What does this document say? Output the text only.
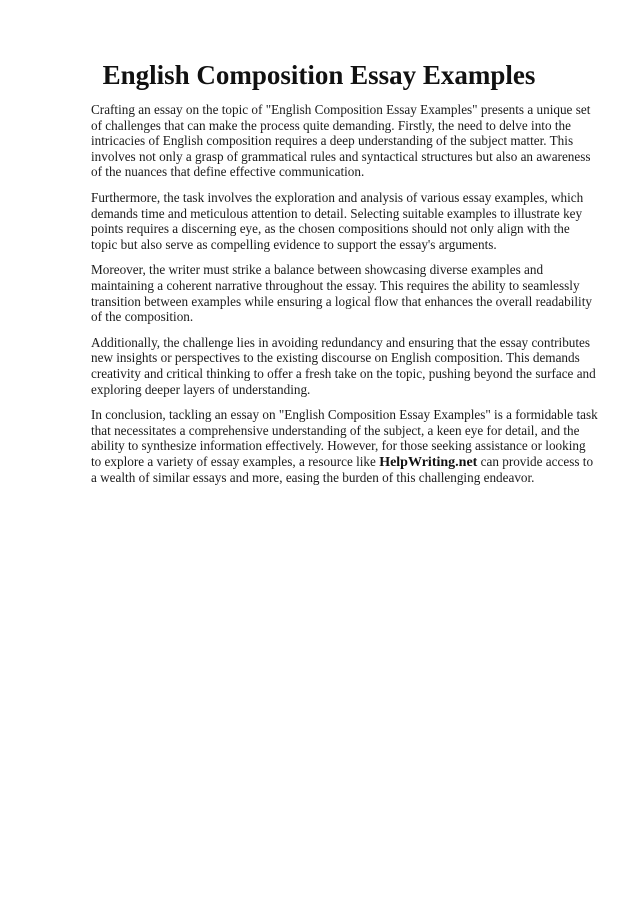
English Composition Essay Examples

Crafting an essay on the topic of "English Composition Essay Examples" presents a unique set of challenges that can make the process quite demanding. Firstly, the need to delve into the intricacies of English composition requires a deep understanding of the subject matter. This involves not only a grasp of grammatical rules and syntactical structures but also an awareness of the nuances that define effective communication.

Furthermore, the task involves the exploration and analysis of various essay examples, which demands time and meticulous attention to detail. Selecting suitable examples to illustrate key points requires a discerning eye, as the chosen compositions should not only align with the topic but also serve as compelling evidence to support the essay's arguments.

Moreover, the writer must strike a balance between showcasing diverse examples and maintaining a coherent narrative throughout the essay. This requires the ability to seamlessly transition between examples while ensuring a logical flow that enhances the overall readability of the composition.

Additionally, the challenge lies in avoiding redundancy and ensuring that the essay contributes new insights or perspectives to the existing discourse on English composition. This demands creativity and critical thinking to offer a fresh take on the topic, pushing beyond the surface and exploring deeper layers of understanding.

In conclusion, tackling an essay on "English Composition Essay Examples" is a formidable task that necessitates a comprehensive understanding of the subject, a keen eye for detail, and the ability to synthesize information effectively. However, for those seeking assistance or looking to explore a variety of essay examples, a resource like HelpWriting.net can provide access to a wealth of similar essays and more, easing the burden of this challenging endeavor.
